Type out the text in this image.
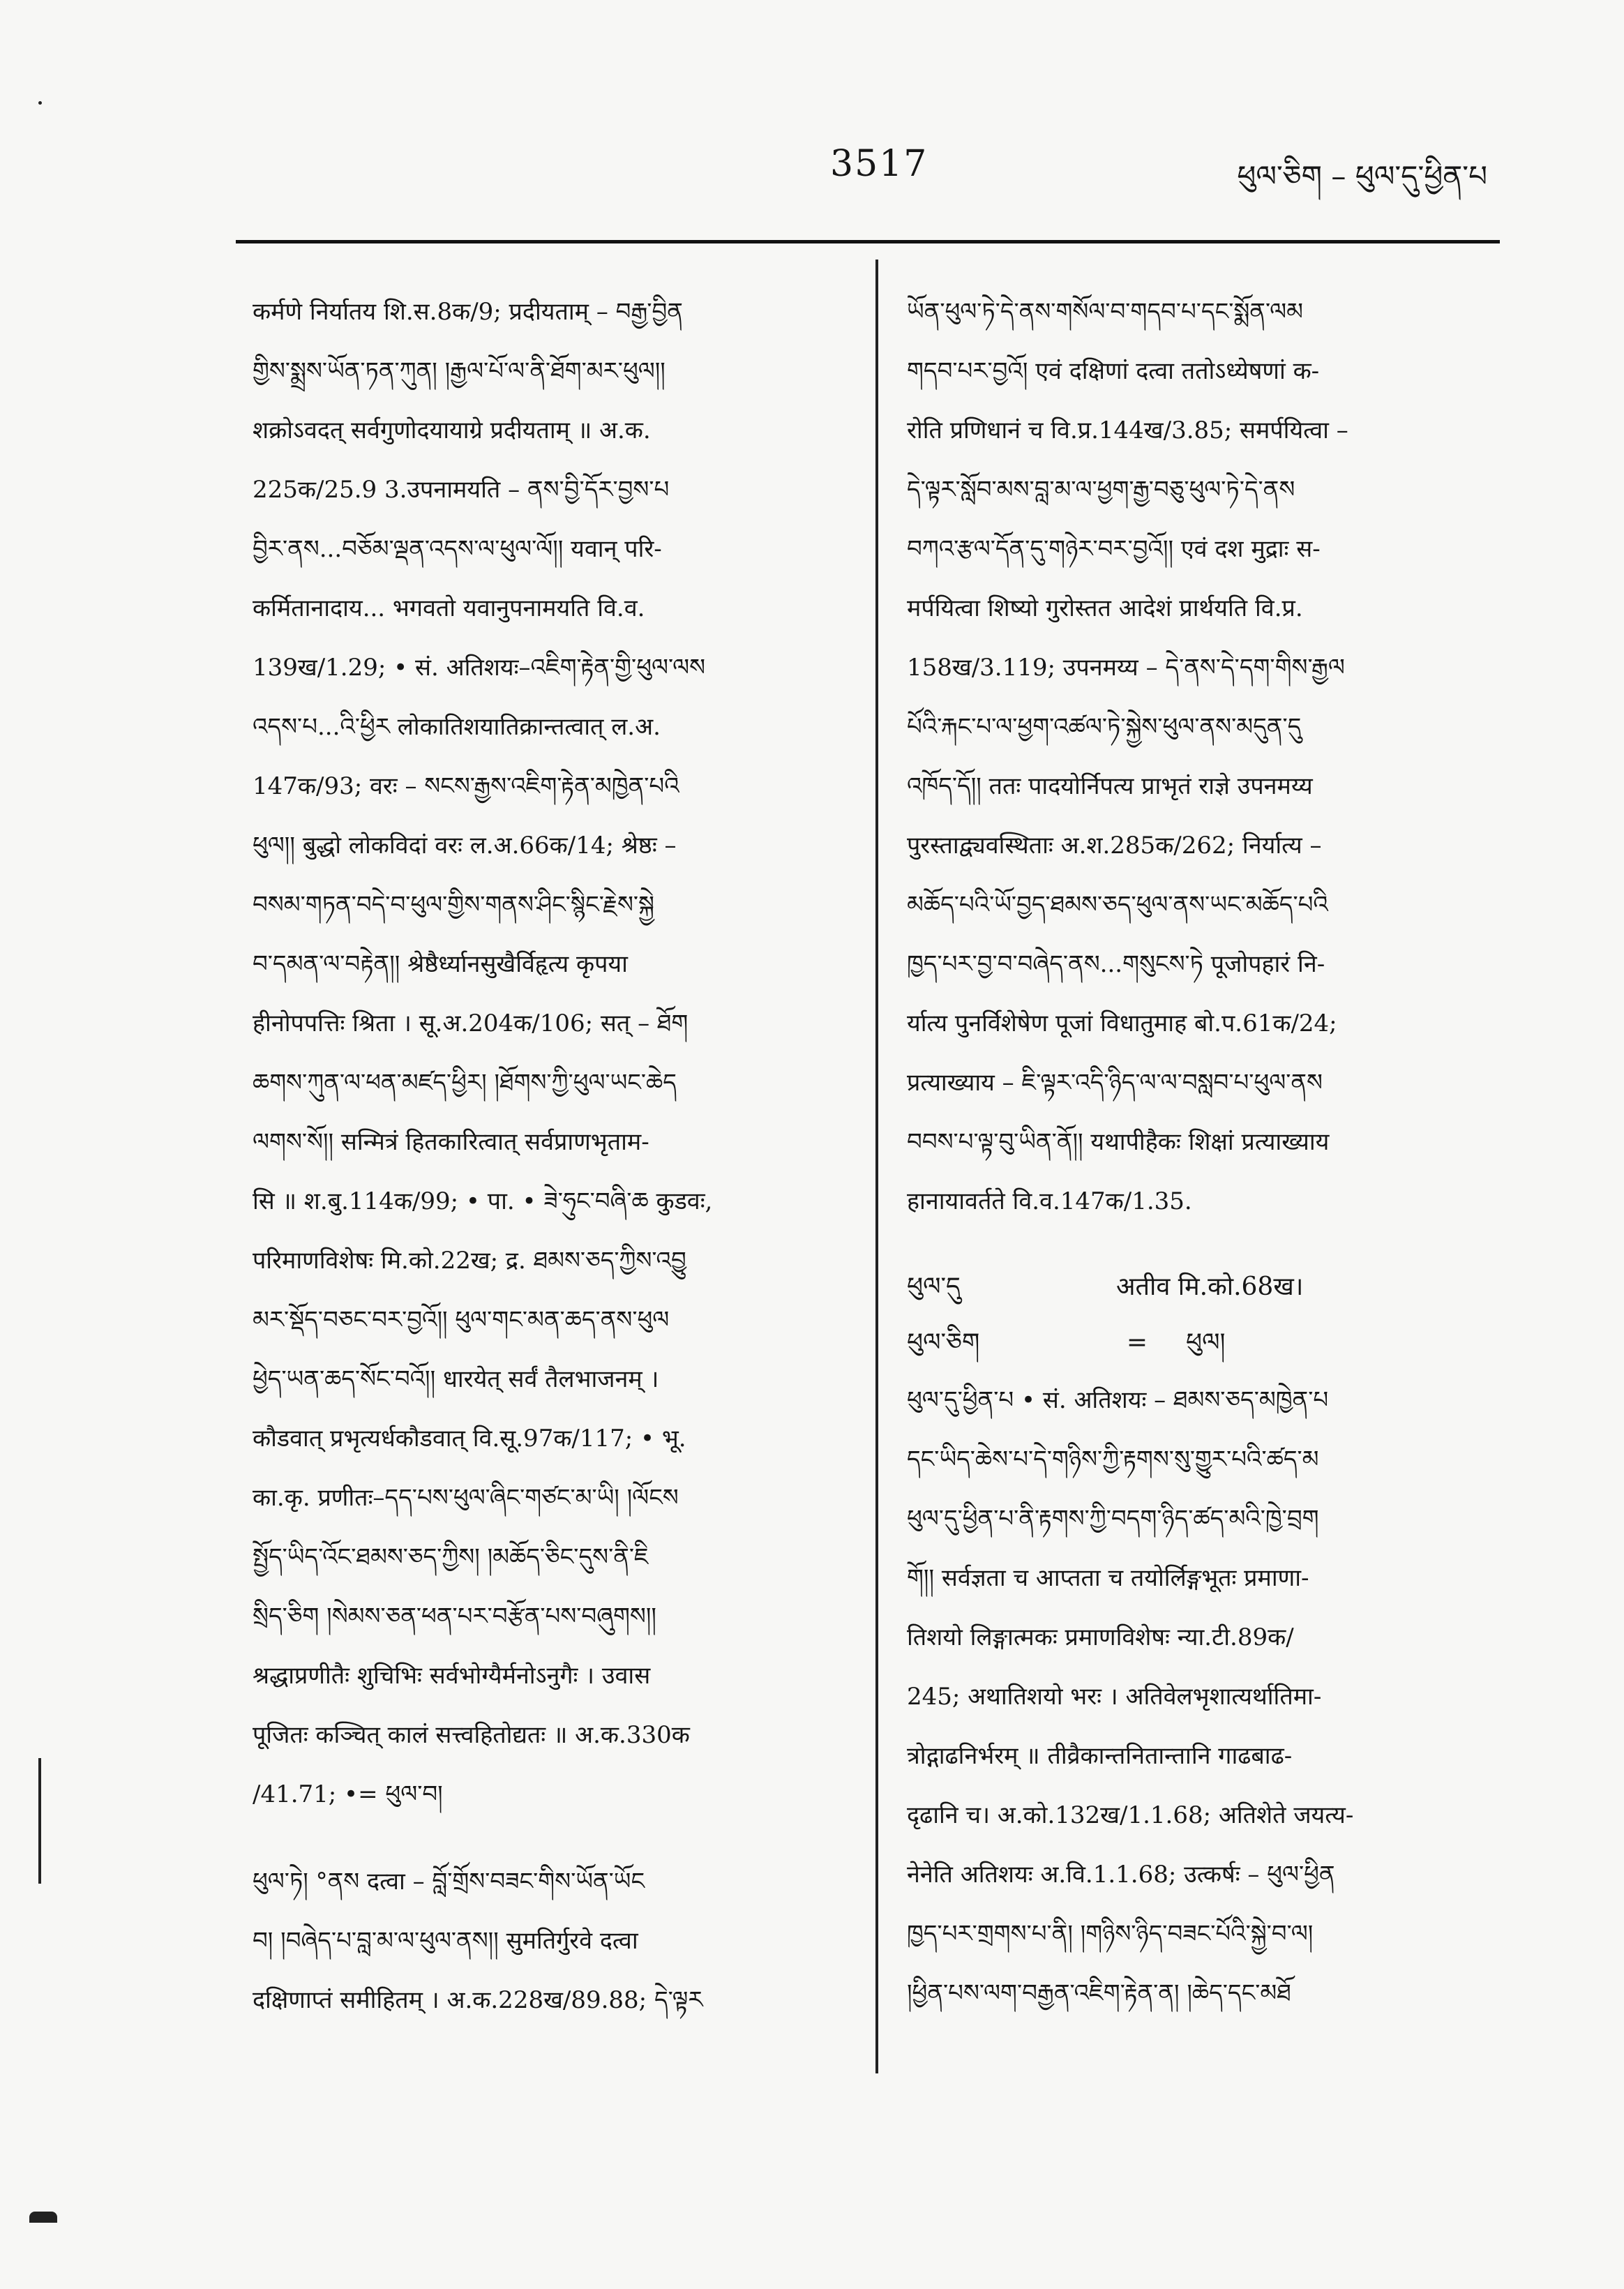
3517	ཕུལ་ཅིག – ཕུལ་དུ་ཕྱིན་པ
कर्मणे निर्यातय शि.स.8क/9; प्रदीयताम् – བརྒྱ་བྱིན
གྱིས་སྨྲས་ཡོན་ཏན་ཀུན། །རྒྱལ་པོ་ལ་ནི་ཐོག་མར་ཕུལ།།
शक्रोऽवदत् सर्वगुणोदयायाग्रे प्रदीयताम् ॥ अ.क.
225क/25.9 3.उपनामयति – ནས་བྱི་དོར་བྱས་པ
བྱིར་ནས...བཅོམ་ལྡན་འདས་ལ་ཕུལ་ལོ།། यवान् परि-
कर्मितानादाय... भगवतो यवानुपनामयति वि.व.
139ख/1.29; • सं. अतिशयः–འཇིག་རྟེན་གྱི་ཕུལ་ལས
འདས་པ...འི་ཕྱིར लोकातिशयातिक्रान्तत्वात् ल.अ.
147क/93; वरः – སངས་རྒྱས་འཇིག་རྟེན་མཁྱེན་པའི
ཕུལ།། बुद्धो लोकविदां वरः ल.अ.66क/14; श्रेष्ठः –
བསམ་གཏན་བདེ་བ་ཕུལ་གྱིས་གནས་ཤིང་སྙིང་རྗེས་སྐྱེ
བ་དམན་ལ་བརྟེན།། श्रेष्ठैर्ध्यानसुखैर्विहृत्य कृपया
हीनोपपत्तिः श्रिता । सू.अ.204क/106; सत् – ཐོག
ཆགས་ཀུན་ལ་ཕན་མཛད་ཕྱིར། །ཐོགས་ཀྱི་ཕུལ་ཡང་ཆེད
ལགས་སོ།། सन्मित्रं हितकारित्वात् सर्वप्राणभृताम-
सि ॥ श.बु.114क/99; • पा. • ཟེ་ཧུང་བཞི་ཆ कुडवः,
परिमाणविशेषः मि.को.22ख; द्र. ཐམས་ཅད་ཀྱིས་འབྱུ
མར་སྡོད་བཅང་བར་བྱའོ།། ཕུལ་གང་མན་ཆད་ནས་ཕུལ
ཕྱེད་ཡན་ཆད་སོང་བའོ།། धारयेत् सर्वं तैलभाजनम् ।
कौडवात् प्रभृत्यर्धकौडवात् वि.सू.97क/117; • भू.
का.कृ. प्रणीतः–དད་པས་ཕུལ་ཞིང་གཙང་མ་ཡི། །ལོངས
སྤྱོད་ཡིད་འོང་ཐམས་ཅད་ཀྱིས། །མཆོད་ཅིང་དུས་ནི་ཇི
སྲིད་ཅིག །སེམས་ཅན་ཕན་པར་བརྩོན་པས་བཞུགས།།
श्रद्धाप्रणीतैः शुचिभिः सर्वभोग्यैर्मनोऽनुगैः । उवास
पूजितः कञ्चित् कालं सत्त्वहितोद्यतः ॥ अ.क.330क
/41.71; •= ཕུལ་བ།
ཕུལ་ཏེ། °ནས दत्वा – བློ་གྲོས་བཟང་གིས་ཡོན་ཡོང
བ། །བཞེད་པ་བླ་མ་ལ་ཕུལ་ནས།། सुमतिर्गुरवे दत्वा
दक्षिणाप्तं समीहितम् । अ.क.228ख/89.88; དེ་ལྟར
ཡོན་ཕུལ་ཏེ་དེ་ནས་གསོལ་བ་གདབ་པ་དང་སྨོན་ལམ
གདབ་པར་བྱའོ། एवं दक्षिणां दत्वा ततोऽध्येषणां क-
रोति प्रणिधानं च वि.प्र.144ख/3.85; समर्पयित्वा –
དེ་ལྟར་སློབ་མས་བླ་མ་ལ་ཕྱག་རྒྱ་བཅུ་ཕུལ་ཏེ་དེ་ནས
བཀའ་རྩལ་དོན་དུ་གཉེར་བར་བྱའོ།། एवं दश मुद्राः स-
मर्पयित्वा शिष्यो गुरोस्तत आदेशं प्रार्थयति वि.प्र.
158ख/3.119; उपनमय्य – དེ་ནས་དེ་དག་གིས་རྒྱལ
པོའི་རྐང་པ་ལ་ཕྱག་འཚལ་ཏེ་སྐྱེས་ཕུལ་ནས་མདུན་དུ
འཁོད་དོ།། ततः पादयोर्निपत्य प्राभृतं राज्ञे उपनमय्य
पुरस्ताद्व्यवस्थिताः अ.श.285क/262; निर्यात्य –
མཆོད་པའི་ཡོ་བྱད་ཐམས་ཅད་ཕུལ་ནས་ཡང་མཆོད་པའི
ཁྱད་པར་བྱ་བ་བཞེད་ནས...གསུངས་ཏེ पूजोपहारं नि-
र्यात्य पुनर्विशेषेण पूजां विधातुमाह बो.प.61क/24;
प्रत्याख्याय – ཇི་ལྟར་འདི་ཉིད་ལ་ལ་བསླབ་པ་ཕུལ་ནས
བབས་པ་ལྟ་བུ་ཡིན་ནོ།། यथापीहैकः शिक्षां प्रत्याख्याय
हानायावर्तते वि.व.147क/1.35.
ཕུལ་དུ	अतीव मि.को.68ख।
ཕུལ་ཅིག	=	ཕུལ།
ཕུལ་དུ་ཕྱིན་པ • सं. अतिशयः – ཐམས་ཅད་མཁྱེན་པ
དང་ཡིད་ཆེས་པ་དེ་གཉིས་ཀྱི་རྟགས་སུ་གྱུར་པའི་ཚད་མ
ཕུལ་དུ་ཕྱིན་པ་ནི་རྟགས་ཀྱི་བདག་ཉིད་ཚད་མའི་ཁྱེ་བྲག
གོ།། सर्वज्ञता च आप्तता च तयोर्लिङ्गभूतः प्रमाणा-
तिशयो लिङ्गात्मकः प्रमाणविशेषः न्या.टी.89क/
245; अथातिशयो भरः । अतिवेलभृशात्यर्थातिमा-
त्रोद्गाढनिर्भरम् ॥ तीव्रैकान्तनितान्तानि गाढबाढ-
दृढानि च। अ.को.132ख/1.1.68; अतिशेते जयत्य-
नेनेति अतिशयः अ.वि.1.1.68; उत्कर्षः – ཕུལ་ཕྱིན
ཁྱད་པར་གྲགས་པ་ནི། །གཉིས་ཉིད་བཟང་པོའི་སྐྱེ་བ་ལ།
།ཕྱིན་པས་ལག་བརྒྱན་འཇིག་རྟེན་ན། །ཆེད་དང་མཐོ
